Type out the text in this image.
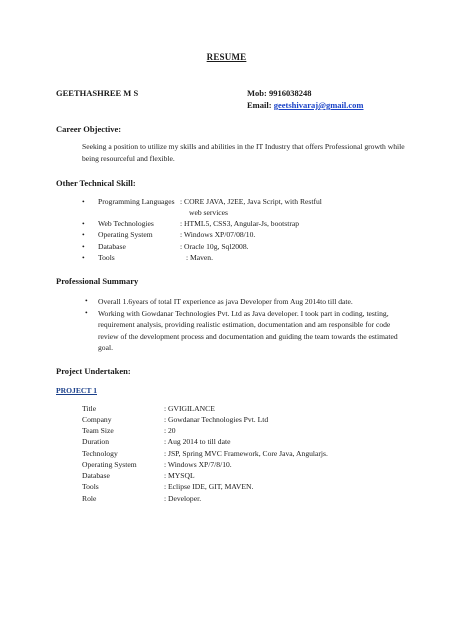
RESUME
GEETHASHREE M S	Mob: 9916038248
Email: geetshivaraj@gmail.com
Career Objective:
Seeking a position to utilize my skills and abilities in the IT Industry that offers Professional growth while being resourceful and flexible.
Other Technical Skill:
• Programming Languages : CORE JAVA, J2EE, Java Script, with Restful
web services
• Web Technologies	: HTML5, CSS3, Angular-Js, bootstrap
• Operating System	: Windows XP/07/08/10.
• Database	: Oracle 10g, Sql2008.
• Tools	: Maven.
Professional Summary
• Overall 1.6years of total IT experience as java Developer from Aug 2014to till date.
• Working with Gowdanar Technologies Pvt. Ltd as Java developer. I took part in coding, testing, requirement analysis, providing realistic estimation, documentation and am responsible for code review of the development process and documentation and guiding the team towards the estimated goal.
Project Undertaken:
PROJECT 1
Title	: GVIGILANCE
Company	: Gowdanar Technologies Pvt. Ltd
Team Size	: 20
Duration	: Aug 2014 to till date
Technology	: JSP, Spring MVC Framework, Core Java, Angularjs.
Operating System	: Windows XP/7/8/10.
Database	: MYSQL
Tools	: Eclipse IDE, GIT, MAVEN.
Role	: Developer.
